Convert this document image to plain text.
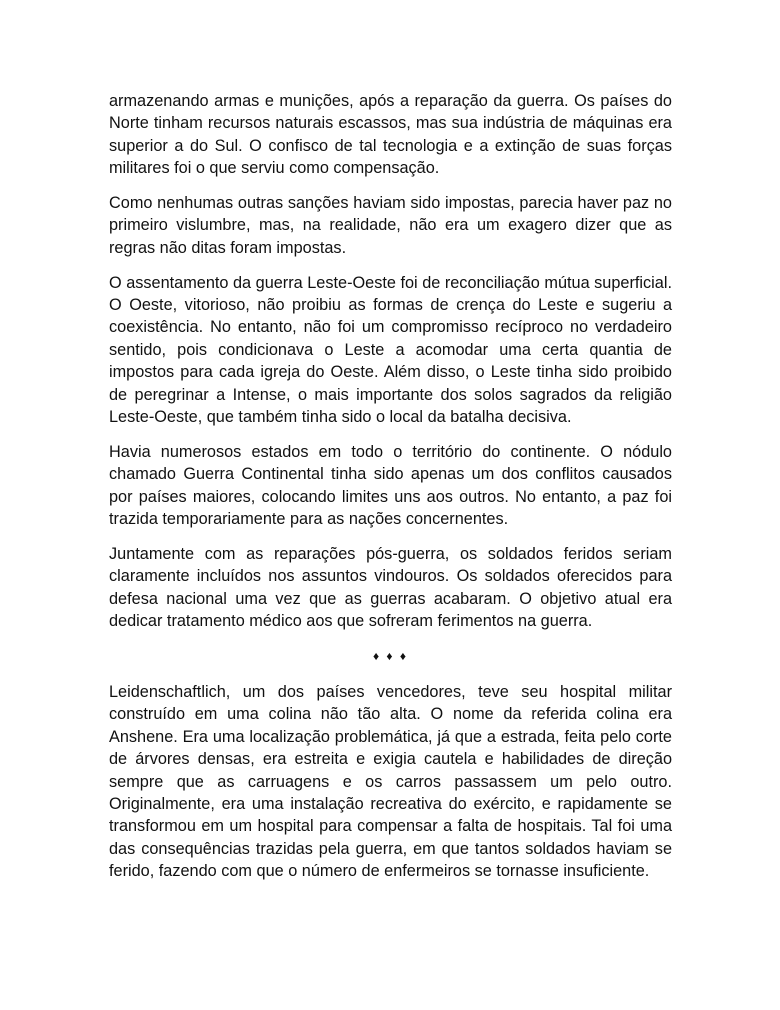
armazenando armas e munições, após a reparação da guerra. Os países do Norte tinham recursos naturais escassos, mas sua indústria de máquinas era superior a do Sul. O confisco de tal tecnologia e a extinção de suas forças militares foi o que serviu como compensação.

Como nenhumas outras sanções haviam sido impostas, parecia haver paz no primeiro vislumbre, mas, na realidade, não era um exagero dizer que as regras não ditas foram impostas.

O assentamento da guerra Leste-Oeste foi de reconciliação mútua superficial. O Oeste, vitorioso, não proibiu as formas de crença do Leste e sugeriu a coexistência. No entanto, não foi um compromisso recíproco no verdadeiro sentido, pois condicionava o Leste a acomodar uma certa quantia de impostos para cada igreja do Oeste. Além disso, o Leste tinha sido proibido de peregrinar a Intense, o mais importante dos solos sagrados da religião Leste-Oeste, que também tinha sido o local da batalha decisiva.

Havia numerosos estados em todo o território do continente. O nódulo chamado Guerra Continental tinha sido apenas um dos conflitos causados por países maiores, colocando limites uns aos outros. No entanto, a paz foi trazida temporariamente para as nações concernentes.

Juntamente com as reparações pós-guerra, os soldados feridos seriam claramente incluídos nos assuntos vindouros. Os soldados oferecidos para defesa nacional uma vez que as guerras acabaram. O objetivo atual era dedicar tratamento médico aos que sofreram ferimentos na guerra.

♦ ♦ ♦

Leidenschaftlich, um dos países vencedores, teve seu hospital militar construído em uma colina não tão alta. O nome da referida colina era Anshene. Era uma localização problemática, já que a estrada, feita pelo corte de árvores densas, era estreita e exigia cautela e habilidades de direção sempre que as carruagens e os carros passassem um pelo outro. Originalmente, era uma instalação recreativa do exército, e rapidamente se transformou em um hospital para compensar a falta de hospitais. Tal foi uma das consequências trazidas pela guerra, em que tantos soldados haviam se ferido, fazendo com que o número de enfermeiros se tornasse insuficiente.
